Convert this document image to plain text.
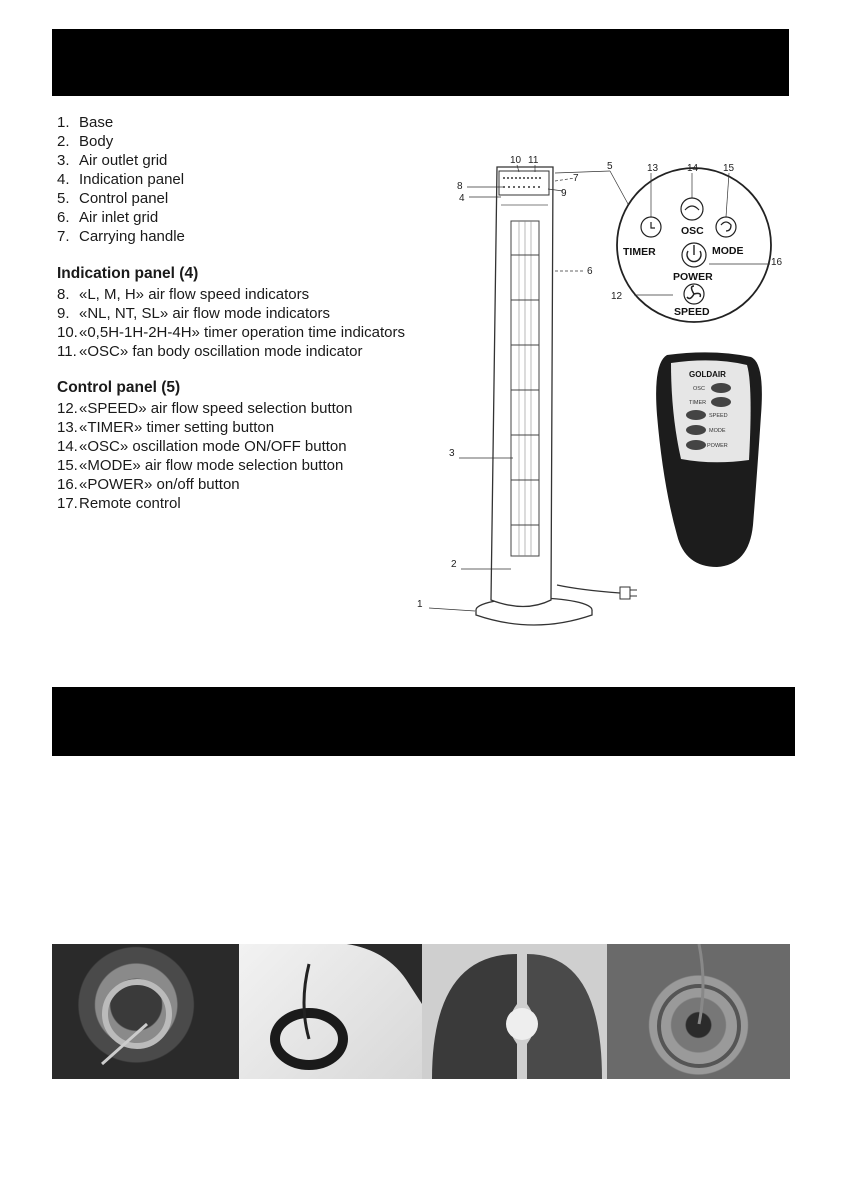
1. Base
2. Body
3. Air outlet grid
4. Indication panel
5. Control panel
6. Air inlet grid
7. Carrying handle
Indication panel (4)
8. «L, M, H» air flow speed indicators
9. «NL, NT, SL» air flow mode indicators
10. «0,5H-1H-2H-4H» timer operation time indicators
11. «OSC» fan body oscillation mode indicator
Control panel (5)
12. «SPEED» air flow speed selection button
13. «TIMER» timer setting button
14. «OSC» oscillation mode ON/OFF button
15. «MODE» air flow mode selection button
16. «POWER» on/off button
17. Remote control
1
2
3
4
5
6
7
8
9
10 11
13	14 15
16
12
OSC
TIMER	MODE
POWER
SPEED
GOLDAIR
OSC
TIMER
SPEED
MODE
POWER
